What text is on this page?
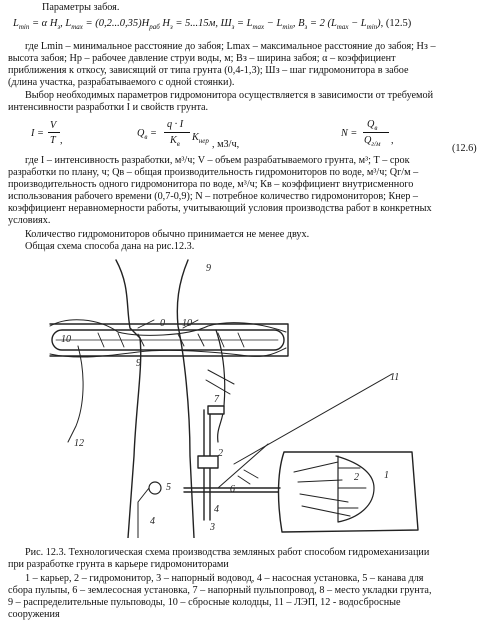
Параметры забоя.
$L_{min} = \alpha$ $H_з$, $L_{max} = (0,2...0,35)H_{раб}$ $H_з = 5...15м$, $Ш_з = L_{max} - L_{min}$, $B_з = 2$ $(L_{max} - L_{min})$, (12.5)
где Lmin – минимальное расстояние до забоя; Lmax – максимальное расстояние до забоя; Нз –
высота забоя; Нр – рабочее давление струи воды, м; Вз – ширина забоя; α – коэффициент
приближения к откосу, зависящий от типа грунта (0,4-1,3); Шз – шаг гидромонитора в забое
(длина участка, разрабатываемого с одной стоянки).
Выбор необходимых параметров гидромонитора осуществляется в зависимости от требуемой
интенсивности разработки I и свойств грунта.
I =
V
T ,
$Q_в$ =
q · I
$K_в$
$K_{нер}$ , м3/ч,
N =
$Q_в$
$Q_{г/м}$ ,
(12.6)
где I – интенсивность разработки, м³/ч; V – объем разрабатываемого грунта, м³; Т – срок
разработки по плану, ч; Qв – общая производительность гидромониторов по воде, м³/ч; Qг/м –
производительность одного гидромонитора по воде, м³/ч; Кв – коэффициент внутрисменного
использования рабочего времени (0,7-0,9); N – потребное количество гидромониторов; Кнер –
коэффициент неравномерности работы, учитывающий условия производства работ в конкретных
условиях.
Количество гидромониторов обычно принимается не менее двух.
Общая схема способа дана на рис.12.3.
9
9
10
0
10
12
7
11
2
6
5
4
1
2
4
3
Рис. 12.3. Технологическая схема производства земляных работ способом гидромеханизации
при разработке грунта в карьере гидромониторами
1 – карьер, 2 – гидромонитор, 3 – напорный водовод, 4 – насосная установка, 5 – канава для
сбора пульпы, 6 – землесосная установка, 7 – напорный пульпопровод, 8 – место укладки грунта,
9 – распределительные пульповоды, 10 – сбросные колодцы, 11 – ЛЭП, 12 - водосбросные
сооружения
